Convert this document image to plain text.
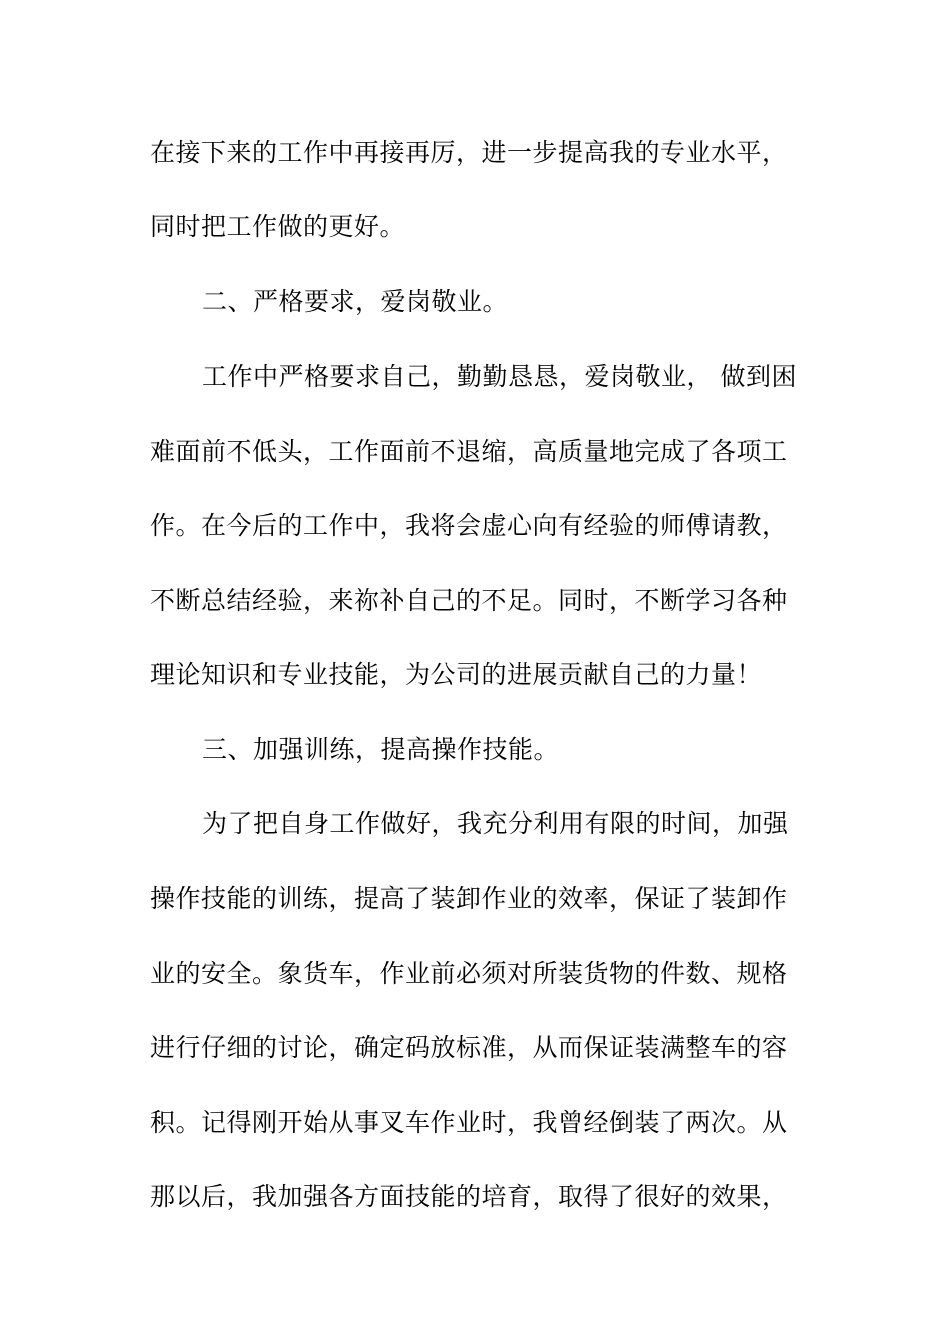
在接下来的工作中再接再厉，进一步提高我的专业水平，
同时把工作做的更好。
二、严格要求，爱岗敬业。
工作中严格要求自己，勤勤恳恳，爱岗敬业， 做到困
难面前不低头，工作面前不退缩，高质量地完成了各项工
作。在今后的工作中，我将会虚心向有经验的师傅请教，
不断总结经验，来祢补自己的不足。同时，不断学习各种
理论知识和专业技能，为公司的进展贡献自己的力量！
三、加强训练，提高操作技能。
为了把自身工作做好，我充分利用有限的时间，加强
操作技能的训练，提高了装卸作业的效率，保证了装卸作
业的安全。象货车，作业前必须对所装货物的件数、规格
进行仔细的讨论，确定码放标准，从而保证装满整车的容
积。记得刚开始从事叉车作业时，我曾经倒装了两次。从
那以后，我加强各方面技能的培育，取得了很好的效果，
